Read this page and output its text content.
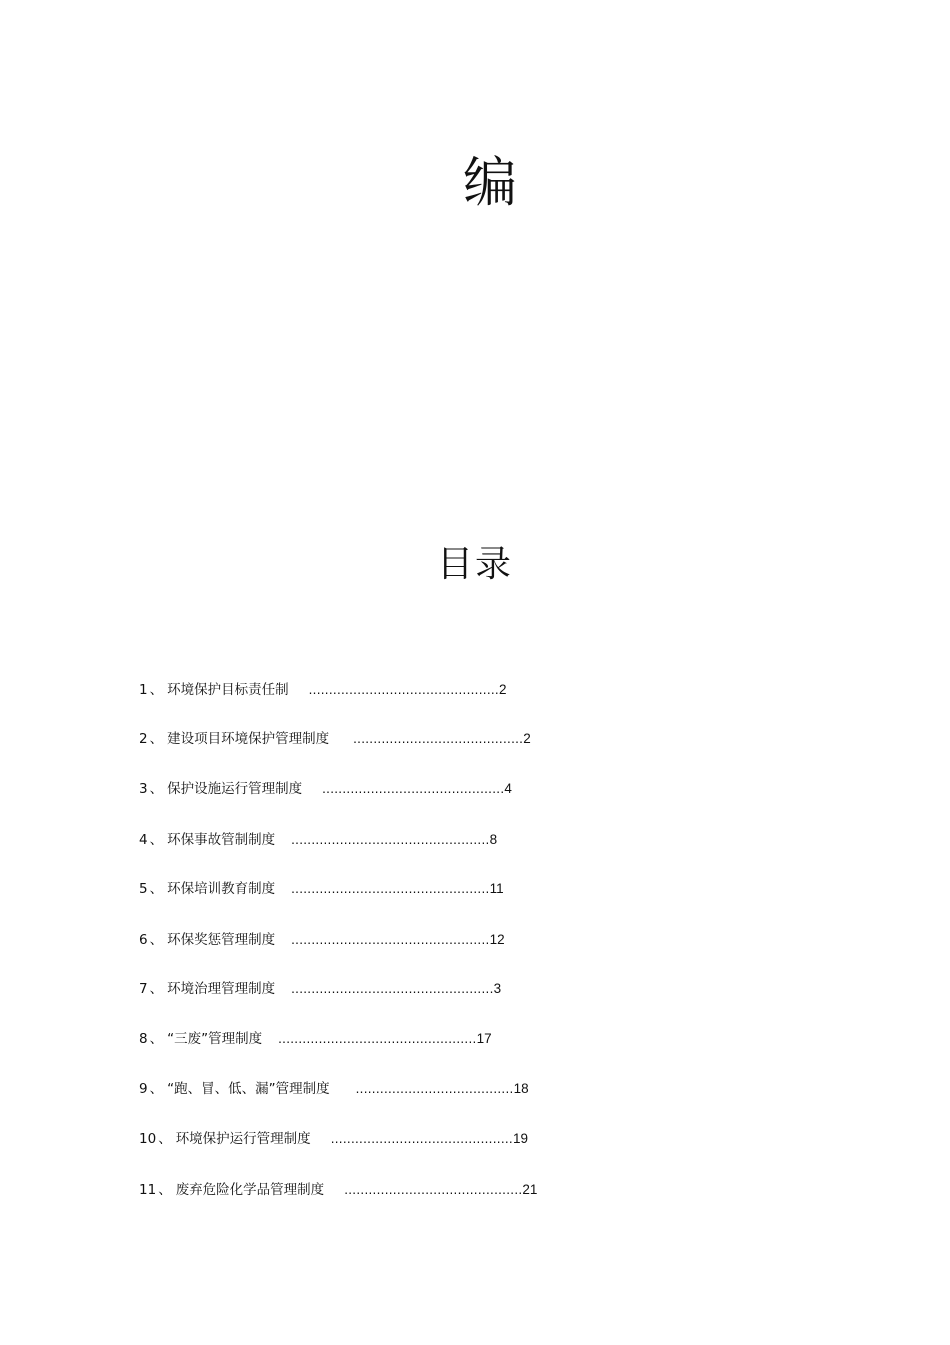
编
目录
1 、 环境保护目标责任制 ...............................................2
2 、 建设项目环境保护管理制度 ..........................................2
3 、 保护设施运行管理制度 .............................................4
4 、 环保事故管制制度 .................................................8
5 、 环保培训教育制度 .................................................11
6 、 环保奖惩管理制度 .................................................12
7 、 环境治理管理制度 ..................................................3
8 、 “三废”管理制度 .................................................17
9 、 “跑、冒、低、漏”管理制度 .......................................18
10 、 环境保护运行管理制度 .............................................19
11 、 废弃危险化学品管理制度 ............................................21
